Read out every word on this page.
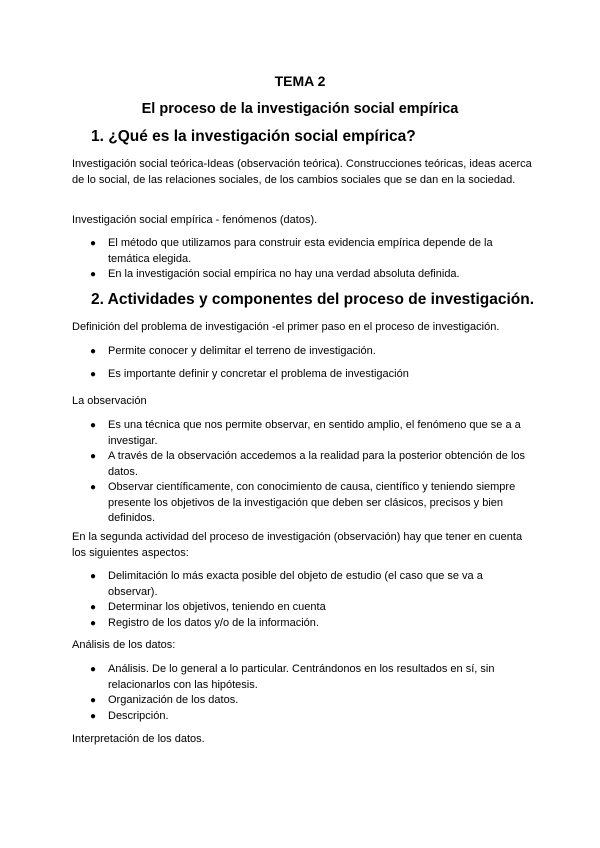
TEMA 2
El proceso de la investigación social empírica
1. ¿Qué es la investigación social empírica?
Investigación social teórica-Ideas (observación teórica). Construcciones teóricas, ideas acerca de lo social, de las relaciones sociales, de los cambios sociales que se dan en la sociedad.
Investigación social empírica - fenómenos (datos).
● El método que utilizamos para construir esta evidencia empírica depende de la temática elegida.
● En la investigación social empírica no hay una verdad absoluta definida.
2. Actividades y componentes del proceso de investigación.
Definición del problema de investigación -el primer paso en el proceso de investigación.
● Permite conocer y delimitar el terreno de investigación.
● Es importante definir y concretar el problema de investigación
La observación
● Es una técnica que nos permite observar, en sentido amplio, el fenómeno que se a a investigar.
● A través de la observación accedemos a la realidad para la posterior obtención de los datos.
● Observar científicamente, con conocimiento de causa, científico y teniendo siempre presente los objetivos de la investigación que deben ser clásicos, precisos y bien definidos.
En la segunda actividad del proceso de investigación (observación) hay que tener en cuenta los siguientes aspectos:
● Delimitación lo más exacta posible del objeto de estudio (el caso que se va a observar).
● Determinar los objetivos, teniendo en cuenta
● Registro de los datos y/o de la información.
Análisis de los datos:
● Análisis. De lo general a lo particular. Centrándonos en los resultados en sí, sin relacionarlos con las hipótesis.
● Organización de los datos.
● Descripción.
Interpretación de los datos.
